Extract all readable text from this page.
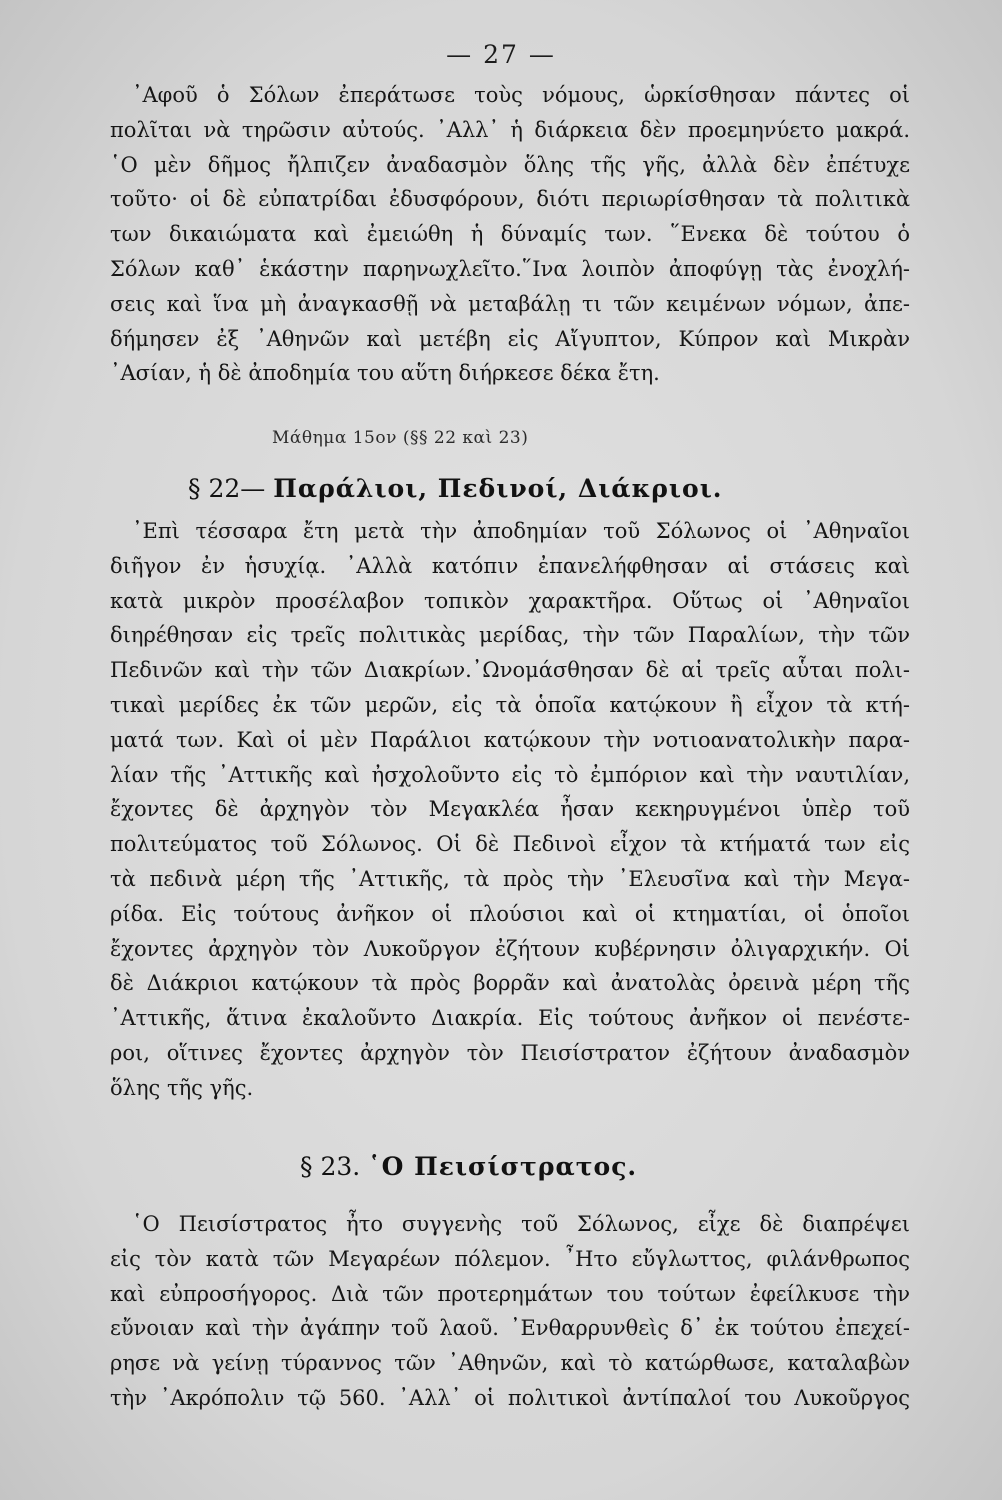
— 27 —
᾿Αφοῦ ὁ Σόλων ἐπεράτωσε τοὺς νόμους, ὡρκίσθησαν πάντες οἱ
πολῖται νὰ τηρῶσιν αὐτούς. ᾿Αλλ᾿ ἡ διάρκεια δὲν προεμηνύετο μακρά.
῾Ο μὲν δῆμος ἤλπιζεν ἀναδασμὸν ὅλης τῆς γῆς, ἀλλὰ δὲν ἐπέτυχε
τοῦτο· οἱ δὲ εὐπατρίδαι ἐδυσφόρουν, διότι περιωρίσθησαν τὰ πολιτικὰ
των δικαιώματα καὶ ἐμειώθη ἡ δύναμίς των. ῞Ενεκα δὲ τούτου ὁ
Σόλων καθ᾿ ἑκάστην παρηνωχλεῖτο.῞Ινα λοιπὸν ἀποφύγῃ τὰς ἐνοχλή-
σεις καὶ ἵνα μὴ ἀναγκασθῇ νὰ μεταβάλῃ τι τῶν κειμένων νόμων, ἀπε-
δήμησεν ἐξ ᾿Αθηνῶν καὶ μετέβη εἰς Αἴγυπτον, Κύπρον καὶ Μικρὰν
᾿Ασίαν, ἡ δὲ ἀποδημία του αὕτη διήρκεσε δέκα ἔτη.
Μάθημα 15ον (§§ 22 καὶ 23)
§ 22— Παράλιοι, Πεδινοί, Διάκριοι.
᾿Επὶ τέσσαρα ἔτη μετὰ τὴν ἀποδημίαν τοῦ Σόλωνος οἱ ᾿Αθηναῖοι
διῆγον ἐν ἡσυχίᾳ. ᾿Αλλὰ κατόπιν ἐπανελήφθησαν αἱ στάσεις καὶ
κατὰ μικρὸν προσέλαβον τοπικὸν χαρακτῆρα. Οὕτως οἱ ᾿Αθηναῖοι
διηρέθησαν εἰς τρεῖς πολιτικὰς μερίδας, τὴν τῶν Παραλίων, τὴν τῶν
Πεδινῶν καὶ τὴν τῶν Διακρίων.᾿Ωνομάσθησαν δὲ αἱ τρεῖς αὗται πολι-
τικαὶ μερίδες ἐκ τῶν μερῶν, εἰς τὰ ὁποῖα κατῴκουν ἢ εἶχον τὰ κτή-
ματά των. Καὶ οἱ μὲν Παράλιοι κατῴκουν τὴν νοτιοανατολικὴν παρα-
λίαν τῆς ᾿Αττικῆς καὶ ἠσχολοῦντο εἰς τὸ ἐμπόριον καὶ τὴν ναυτιλίαν,
ἔχοντες δὲ ἀρχηγὸν τὸν Μεγακλέα ἦσαν κεκηρυγμένοι ὑπὲρ τοῦ
πολιτεύματος τοῦ Σόλωνος. Οἱ δὲ Πεδινοὶ εἶχον τὰ κτήματά των εἰς
τὰ πεδινὰ μέρη τῆς ᾿Αττικῆς, τὰ πρὸς τὴν ᾿Ελευσῖνα καὶ τὴν Μεγα-
ρίδα. Εἰς τούτους ἀνῆκον οἱ πλούσιοι καὶ οἱ κτηματίαι, οἱ ὁποῖοι
ἔχοντες ἀρχηγὸν τὸν Λυκοῦργον ἐζήτουν κυβέρνησιν ὀλιγαρχικήν. Οἱ
δὲ Διάκριοι κατῴκουν τὰ πρὸς βορρᾶν καὶ ἀνατολὰς ὀρεινὰ μέρη τῆς
᾿Αττικῆς, ἅτινα ἐκαλοῦντο Διακρία. Εἰς τούτους ἀνῆκον οἱ πενέστε-
ροι, οἵτινες ἔχοντες ἀρχηγὸν τὸν Πεισίστρατον ἐζήτουν ἀναδασμὸν
ὅλης τῆς γῆς.
§ 23. ῾Ο Πεισίστρατος.
῾Ο Πεισίστρατος ἦτο συγγενὴς τοῦ Σόλωνος, εἶχε δὲ διαπρέψει
εἰς τὸν κατὰ τῶν Μεγαρέων πόλεμον. ῏Ητο εὔγλωττος, φιλάνθρωπος
καὶ εὐπροσήγορος. Διὰ τῶν προτερημάτων του τούτων ἐφείλκυσε τὴν
εὔνοιαν καὶ τὴν ἀγάπην τοῦ λαοῦ. ᾿Ενθαρρυνθεὶς δ᾿ ἐκ τούτου ἐπεχεί-
ρησε νὰ γείνῃ τύραννος τῶν ᾿Αθηνῶν, καὶ τὸ κατώρθωσε, καταλαβὼν
τὴν ᾿Ακρόπολιν τῷ 560. ᾿Αλλ᾿ οἱ πολιτικοὶ ἀντίπαλοί του Λυκοῦργος
